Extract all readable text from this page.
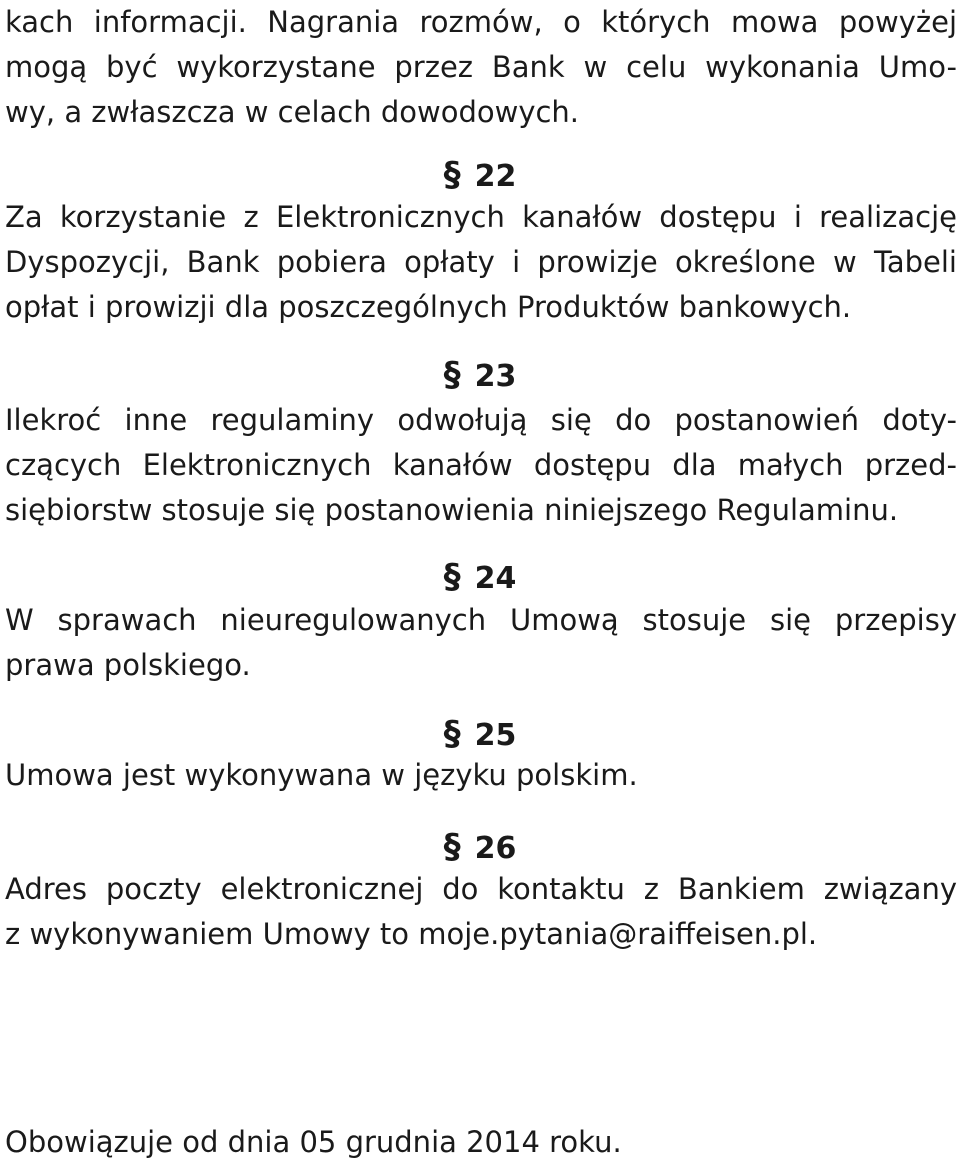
kach informacji. Nagrania rozmów, o których mowa powyżej
mogą być wykorzystane przez Bank w celu wykonania Umo-
wy, a zwłaszcza w celach dowodowych.
§ 22
Za korzystanie z Elektronicznych kanałów dostępu i realizację
Dyspozycji, Bank pobiera opłaty i prowizje określone w Tabeli
opłat i prowizji dla poszczególnych Produktów bankowych.
§ 23
Ilekroć inne regulaminy odwołują się do postanowień doty-
czących Elektronicznych kanałów dostępu dla małych przed-
siębiorstw stosuje się postanowienia niniejszego Regulaminu.
§ 24
W sprawach nieuregulowanych Umową stosuje się przepisy
prawa polskiego.
§ 25
Umowa jest wykonywana w języku polskim.
§ 26
Adres poczty elektronicznej do kontaktu z Bankiem związany
z wykonywaniem Umowy to moje.pytania@raiffeisen.pl.
Obowiązuje od dnia 05 grudnia 2014 roku.
